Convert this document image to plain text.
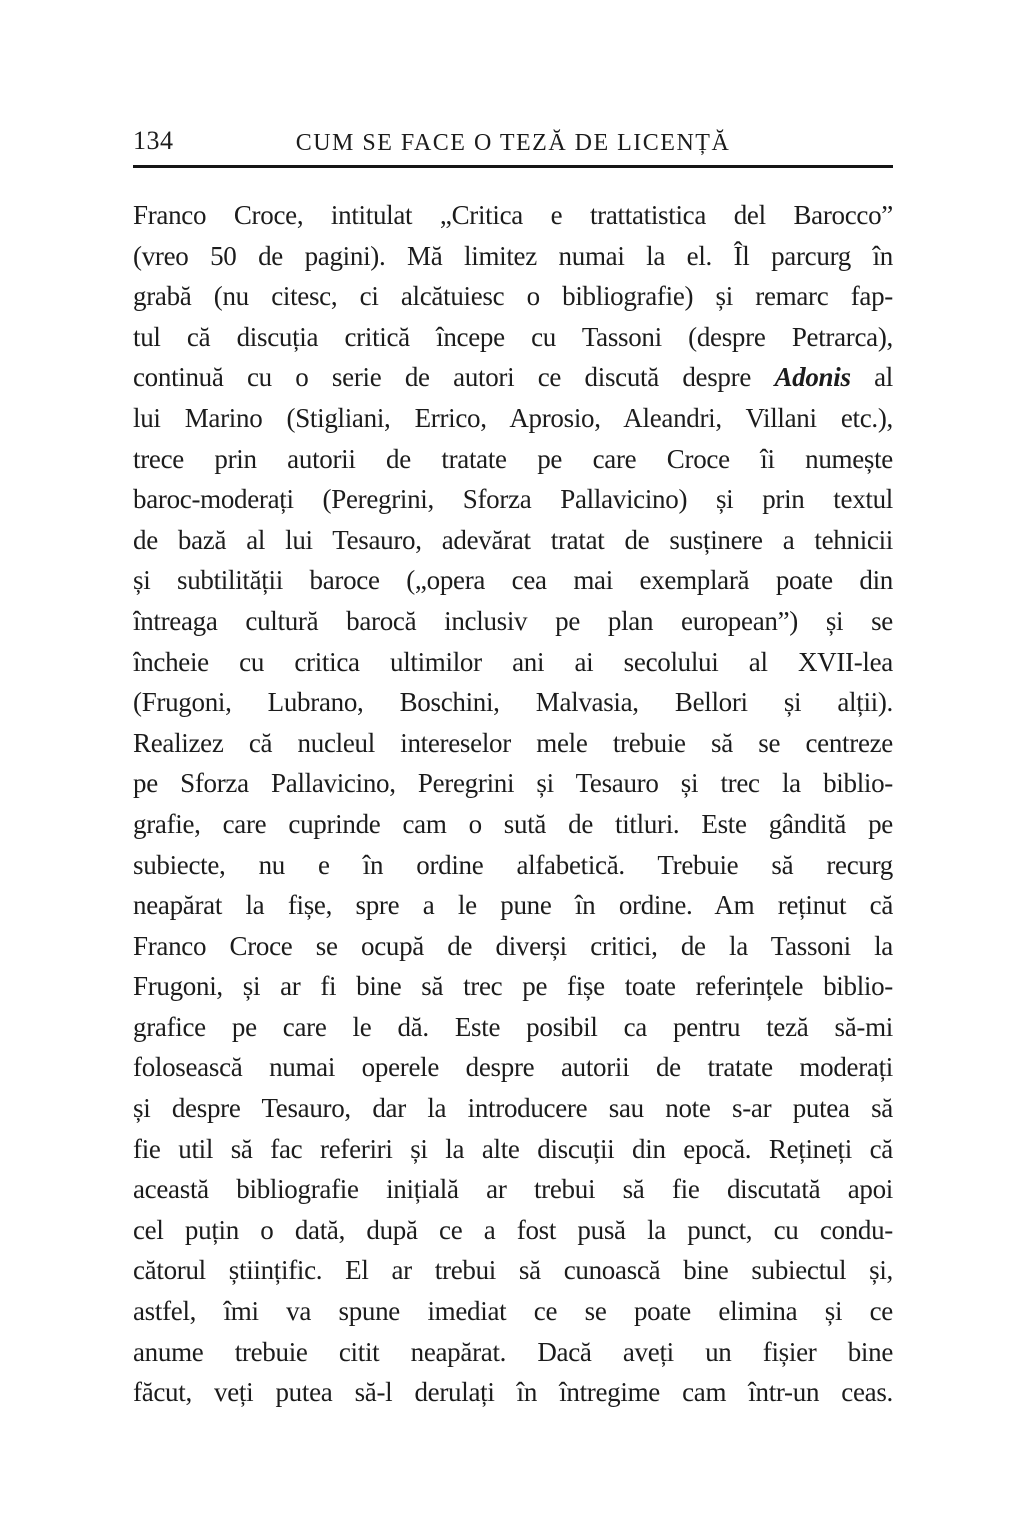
134	CUM SE FACE O TEZĂ DE LICENȚĂ
Franco Croce, intitulat „Critica e trattatistica del Barocco”
(vreo 50 de pagini). Mă limitez numai la el. Îl parcurg în
grabă (nu citesc, ci alcătuiesc o bibliografie) și remarc fap-
tul că discuția critică începe cu Tassoni (despre Petrarca),
continuă cu o serie de autori ce discută despre Adonis al
lui Marino (Stigliani, Errico, Aprosio, Aleandri, Villani etc.),
trece prin autorii de tratate pe care Croce îi numește
baroc-moderați (Peregrini, Sforza Pallavicino) și prin textul
de bază al lui Tesauro, adevărat tratat de susținere a tehnicii
și subtilității baroce („opera cea mai exemplară poate din
întreaga cultură barocă inclusiv pe plan european”) și se
încheie cu critica ultimilor ani ai secolului al XVII-lea
(Frugoni, Lubrano, Boschini, Malvasia, Bellori și alții).
Realizez că nucleul intereselor mele trebuie să se centreze
pe Sforza Pallavicino, Peregrini și Tesauro și trec la biblio-
grafie, care cuprinde cam o sută de titluri. Este gândită pe
subiecte, nu e în ordine alfabetică. Trebuie să recurg
neapărat la fișe, spre a le pune în ordine. Am reținut că
Franco Croce se ocupă de diverși critici, de la Tassoni la
Frugoni, și ar fi bine să trec pe fișe toate referințele biblio-
grafice pe care le dă. Este posibil ca pentru teză să-mi
folosească numai operele despre autorii de tratate moderați
și despre Tesauro, dar la introducere sau note s-ar putea să
fie util să fac referiri și la alte discuții din epocă. Rețineți că
această bibliografie inițială ar trebui să fie discutată apoi
cel puțin o dată, după ce a fost pusă la punct, cu condu-
cătorul științific. El ar trebui să cunoască bine subiectul și,
astfel, îmi va spune imediat ce se poate elimina și ce
anume trebuie citit neapărat. Dacă aveți un fișier bine
făcut, veți putea să-l derulați în întregime cam într-un ceas.
